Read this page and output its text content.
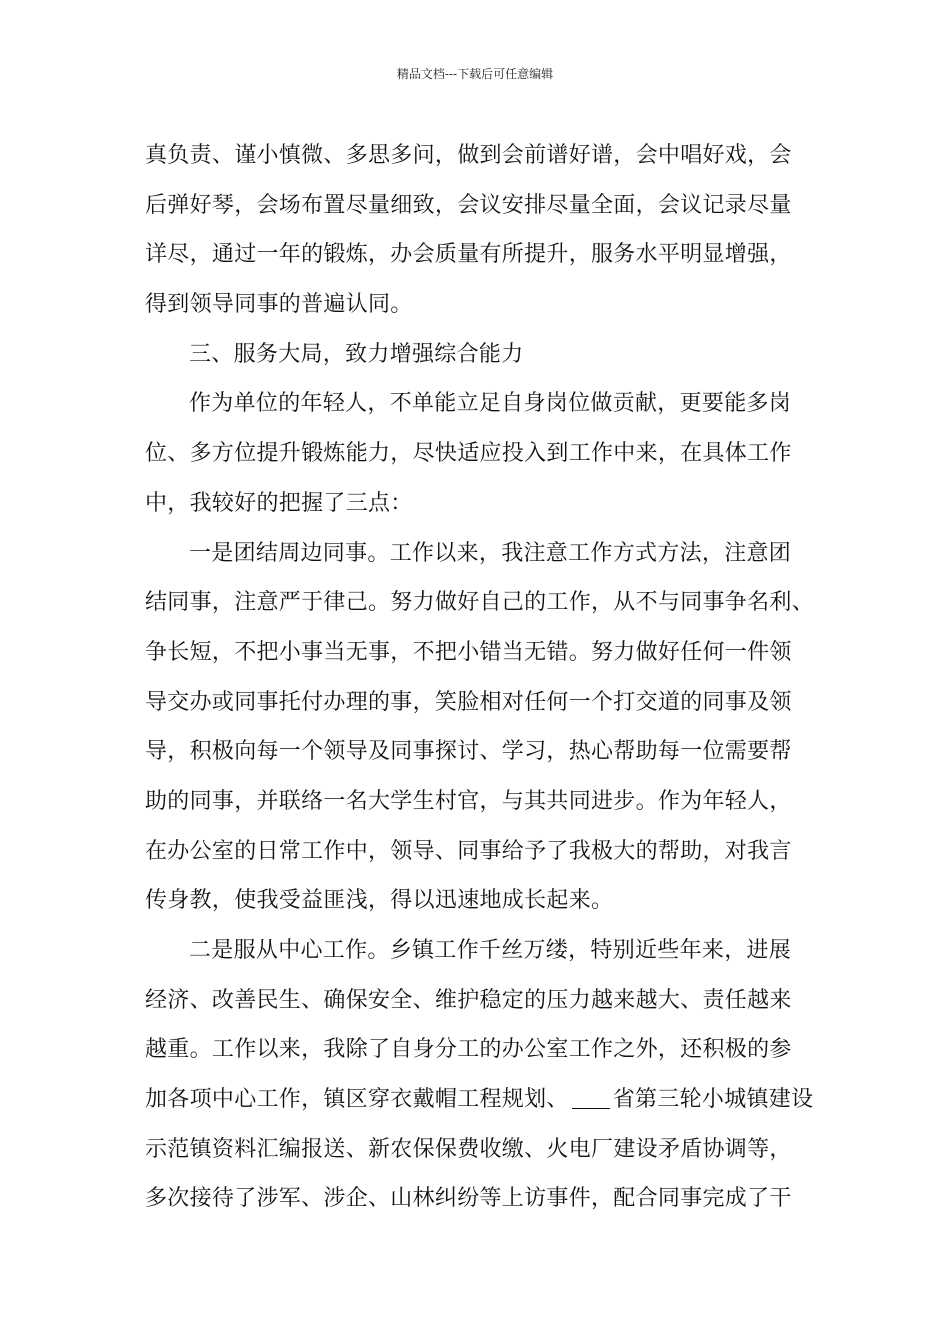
精品文档---下载后可任意编辑
真负责、谨小慎微、多思多问，做到会前谱好谱，会中唱好戏，会
后弹好琴，会场布置尽量细致，会议安排尽量全面，会议记录尽量
详尽，通过一年的锻炼，办会质量有所提升，服务水平明显增强，
得到领导同事的普遍认同。
三、服务大局，致力增强综合能力
作为单位的年轻人，不单能立足自身岗位做贡献，更要能多岗
位、多方位提升锻炼能力，尽快适应投入到工作中来，在具体工作
中，我较好的把握了三点：
一是团结周边同事。工作以来，我注意工作方式方法，注意团
结同事，注意严于律己。努力做好自己的工作，从不与同事争名利、
争长短，不把小事当无事，不把小错当无错。努力做好任何一件领
导交办或同事托付办理的事，笑脸相对任何一个打交道的同事及领
导，积极向每一个领导及同事探讨、学习，热心帮助每一位需要帮
助的同事，并联络一名大学生村官，与其共同进步。作为年轻人，
在办公室的日常工作中，领导、同事给予了我极大的帮助，对我言
传身教，使我受益匪浅，得以迅速地成长起来。
二是服从中心工作。乡镇工作千丝万缕，特别近些年来，进展
经济、改善民生、确保安全、维护稳定的压力越来越大、责任越来
越重。工作以来，我除了自身分工的办公室工作之外，还积极的参
加各项中心工作，镇区穿衣戴帽工程规划、 省第三轮小城镇建设
示范镇资料汇编报送、新农保保费收缴、火电厂建设矛盾协调等，
多次接待了涉军、涉企、山林纠纷等上访事件，配合同事完成了干
